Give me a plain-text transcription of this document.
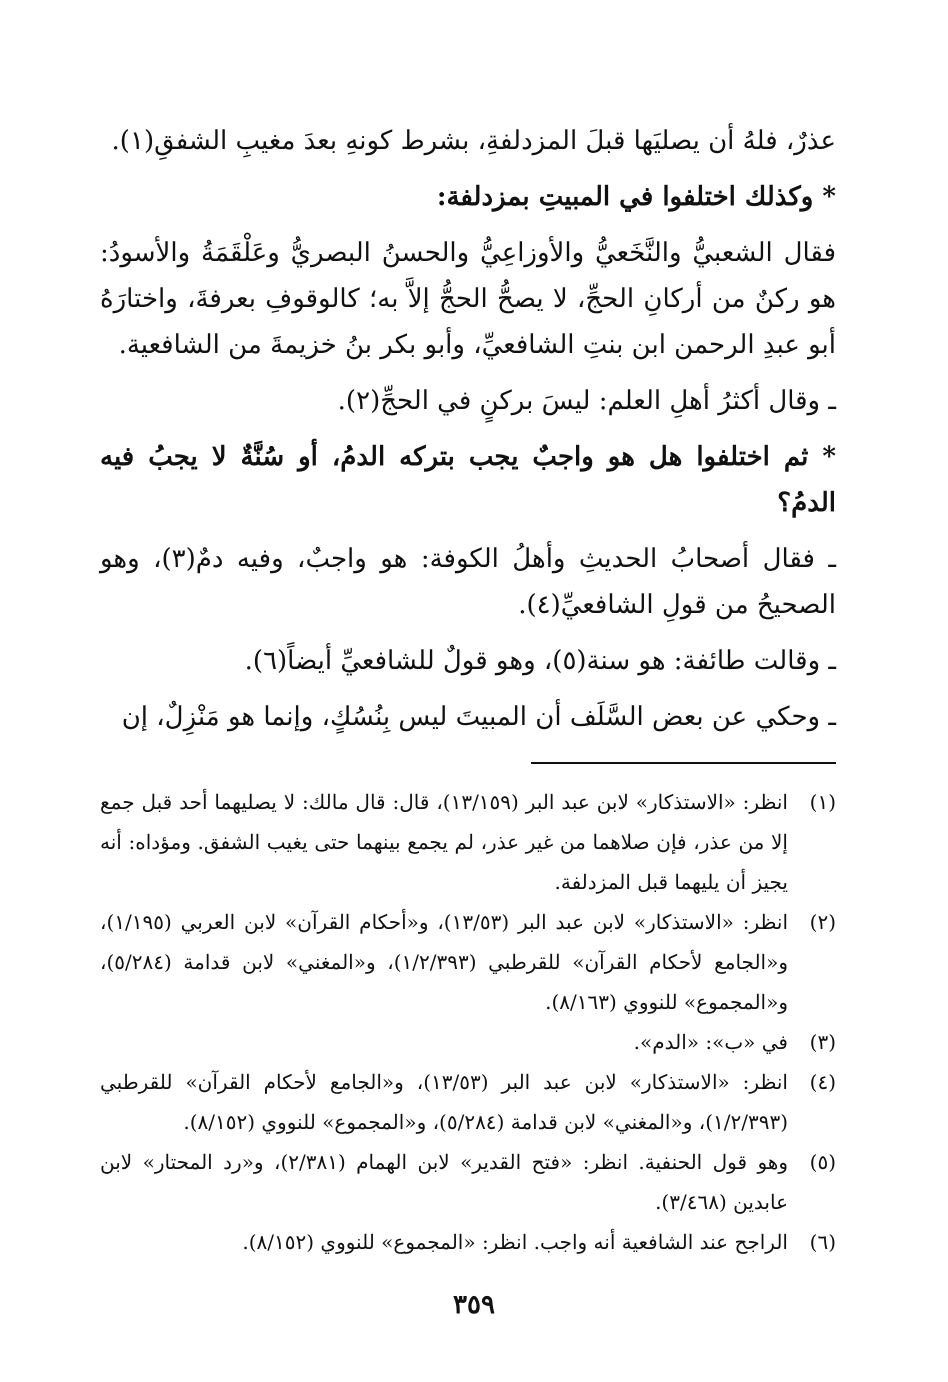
عذرٌ، فلهُ أن يصليَها قبلَ المزدلفةِ، بشرط كونهِ بعدَ مغيبِ الشفقِ(١).

* وكذلك اختلفوا في المبيتِ بمزدلفة:

فقال الشعبيُّ والنَّخَعيُّ والأوزاعِيُّ والحسنُ البصريُّ وعَلْقَمَةُ والأسودُ: هو ركنٌ من أركانِ الحجِّ، لا يصحُّ الحجُّ إلاَّ به؛ كالوقوفِ بعرفةَ، واختارَهُ أبو عبدِ الرحمن ابن بنتِ الشافعيِّ، وأبو بكر بنُ خزيمةَ من الشافعية.

ـ وقال أكثرُ أهلِ العلم: ليسَ بركنٍ في الحجِّ(٢).

* ثم اختلفوا هل هو واجبٌ يجب بتركه الدمُ، أو سُنَّةٌ لا يجبُ فيه الدمُ؟

ـ فقال أصحابُ الحديثِ وأهلُ الكوفة: هو واجبٌ، وفيه دمٌ(٣)، وهو الصحيحُ من قولِ الشافعيِّ(٤).

ـ وقالت طائفة: هو سنة(٥)، وهو قولٌ للشافعيِّ أيضاً(٦).

ـ وحكي عن بعض السَّلَف أن المبيتَ ليس بِنُسُكٍ، وإنما هو مَنْزِلٌ، إن

(١)
انظر: «الاستذكار» لابن عبد البر (١٣/١٥٩)، قال: قال مالك: لا يصليهما أحد قبل جمع إلا من عذر، فإن صلاهما من غير عذر، لم يجمع بينهما حتى يغيب الشفق. ومؤداه: أنه يجيز أن يليهما قبل المزدلفة.
(٢)
انظر: «الاستذكار» لابن عبد البر (١٣/٥٣)، و«أحكام القرآن» لابن العربي (١/١٩٥)، و«الجامع لأحكام القرآن» للقرطبي (١/٢/٣٩٣)، و«المغني» لابن قدامة (٥/٢٨٤)، و«المجموع» للنووي (٨/١٦٣).
(٣)
في «ب»: «الدم».
(٤)
انظر: «الاستذكار» لابن عبد البر (١٣/٥٣)، و«الجامع لأحكام القرآن» للقرطبي (١/٢/٣٩٣)، و«المغني» لابن قدامة (٥/٢٨٤)، و«المجموع» للنووي (٨/١٥٢).
(٥)
وهو قول الحنفية. انظر: «فتح القدير» لابن الهمام (٢/٣٨١)، و«رد المحتار» لابن عابدين (٣/٤٦٨).
(٦)
الراجح عند الشافعية أنه واجب. انظر: «المجموع» للنووي (٨/١٥٢).
٣٥٩
